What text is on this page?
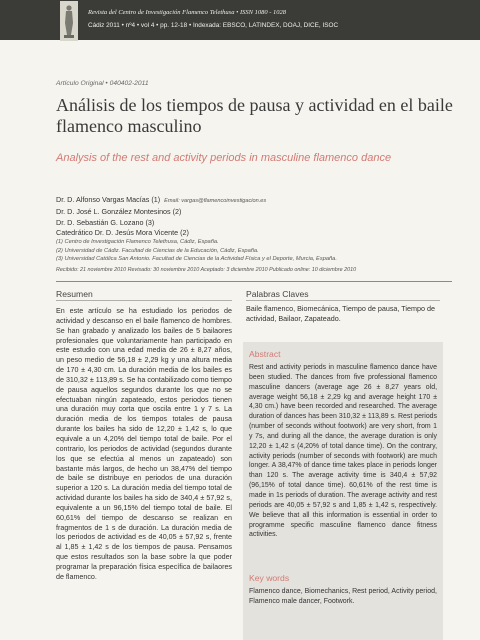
Revista del Centro de Investigación Flamenco Telethusa • ISSN 1080 - 1028
Cádiz 2011 • nº4 • vol 4 • pp. 12-18 • Indexada: EBSCO, LATINDEX, DOAJ, DICE, ISOC
Artículo Original • 040402-2011
Análisis de los tiempos de pausa y actividad en el baile flamenco masculino
Analysis of the rest and activity periods in masculine flamenco dance
Dr. D. Alfonso Vargas Macías (1) Email: vargas@flamencoinvestigacion.es
Dr. D. José L. González Montesinos (2)
Dr. D. Sebastián G. Lozano (3)
Catedrático Dr. D. Jesús Mora Vicente (2)
(1) Centro de Investigación Flamenco Telethusa, Cádiz, España.
(2) Universidad de Cádiz. Facultad de Ciencias de la Educación, Cádiz, España.
(3) Universidad Católica San Antonio. Facultad de Ciencias de la Actividad Física y el Deporte, Murcia, España.
Recibido: 21 noviembre 2010 Revisado: 30 noviembre 2010 Aceptado: 3 diciembre 2010 Publicado online: 10 diciembre 2010
Resumen
En este artículo se ha estudiado los periodos de actividad y descanso en el baile flamenco de hombres. Se han grabado y analizado los bailes de 5 bailaores profesionales que voluntariamente han participado en este estudio con una edad media de 26 ± 8,27 años, un peso medio de 56,18 ± 2,29 kg y una altura media de 170 ± 4,30 cm. La duración media de los bailes es de 310,32 ± 113,89 s. Se ha contabilizado como tiempo de pausa aquellos segundos durante los que no se efectuaban ningún zapateado, estos periodos tienen una duración muy corta que oscila entre 1 y 7 s. La duración media de los tiempos totales de pausa durante los bailes ha sido de 12,20 ± 1,42 s, lo que equivale a un 4,20% del tiempo total de baile. Por el contrario, los periodos de actividad (segundos durante los que se efectúa al menos un zapateado) son bastante más largos, de hecho un 38,47% del tiempo de baile se distribuye en periodos de una duración superior a 120 s. La duración media del tiempo total de actividad durante los bailes ha sido de 340,4 ± 57,92 s, equivalente a un 96,15% del tiempo total de baile. El 60,61% del tiempo de descanso se realizan en fragmentos de 1 s de duración. La duración media de los periodos de actividad es de 40,05 ± 57,92 s, frente al 1,85 ± 1,42 s de los tiempos de pausa. Pensamos que estos resultados son la base sobre la que poder programar la preparación física específica de bailaores de flamenco.
Palabras Claves
Baile flamenco, Biomecánica, Tiempo de pausa, Tiempo de actividad, Bailaor, Zapateado.
Abstract
Rest and activity periods in masculine flamenco dance have been studied. The dances from five professional flamenco masculine dancers (average age 26 ± 8,27 years old, average weight 56,18 ± 2,29 kg and average height 170 ± 4,30 cm.) have been recorded and researched. The average duration of dances has been 310,32 ± 113,89 s. Rest periods (number of seconds without footwork) are very short, from 1 y 7s, and during all the dance, the average duration is only 12,20 ± 1,42 s (4,20% of total dance time). On the contrary, activity periods (number of seconds with footwork) are much longer. A 38,47% of dance time takes place in periods longer than 120 s. The average activity time is 340,4 ± 57,92 (96,15% of total dance time). 60,61% of the rest time is made in 1s periods of duration. The average activity and rest periods are 40,05 ± 57,92 s and 1,85 ± 1,42 s, respectively. We believe that all this information is essential in order to programme specific masculine flamenco dance fitness activities.
Key words
Flamenco dance, Biomechanics, Rest period, Activity period, Flamenco male dancer, Footwork.
